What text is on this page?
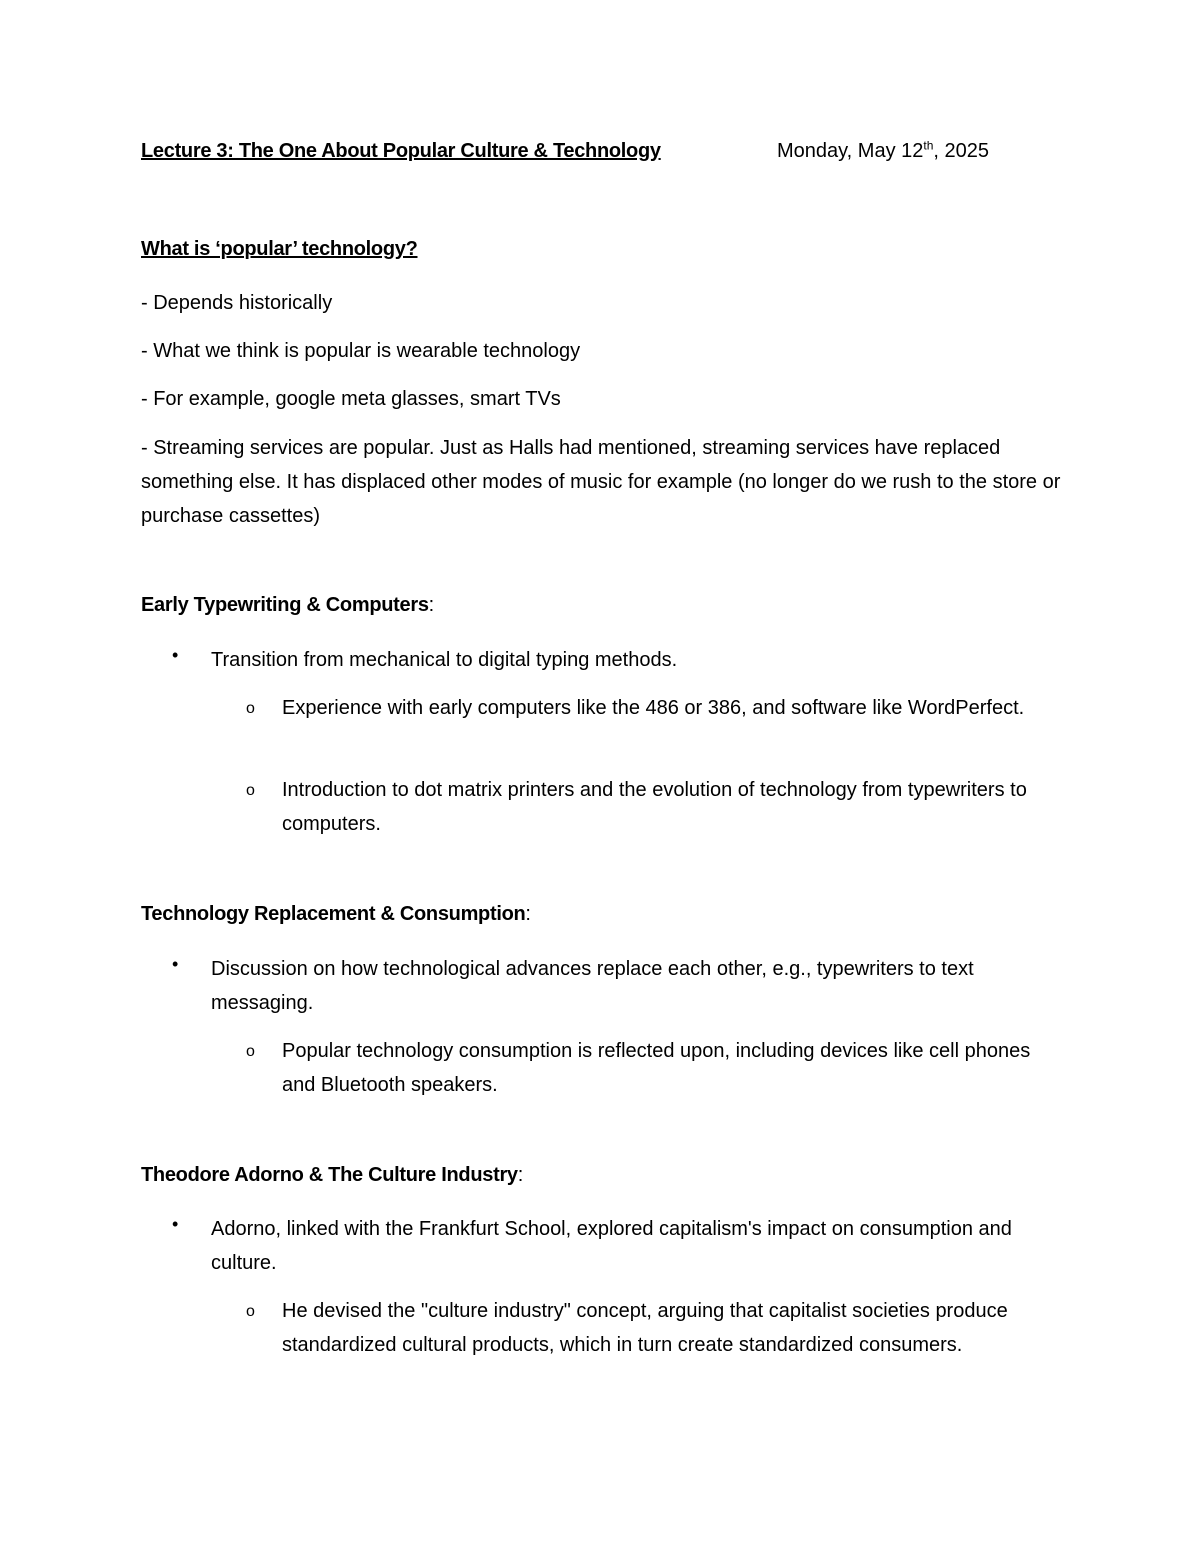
Lecture 3: The One About Popular Culture & Technology	Monday, May 12th, 2025
What is ‘popular’ technology?
- Depends historically
- What we think is popular is wearable technology
- For example, google meta glasses, smart TVs
- Streaming services are popular. Just as Halls had mentioned, streaming services have replaced something else. It has displaced other modes of music for example (no longer do we rush to the store or purchase cassettes)
Early Typewriting & Computers:
• Transition from mechanical to digital typing methods.
o Experience with early computers like the 486 or 386, and software like WordPerfect.
o Introduction to dot matrix printers and the evolution of technology from typewriters to computers.
Technology Replacement & Consumption:
• Discussion on how technological advances replace each other, e.g., typewriters to text messaging.
o Popular technology consumption is reflected upon, including devices like cell phones and Bluetooth speakers.
Theodore Adorno & The Culture Industry:
• Adorno, linked with the Frankfurt School, explored capitalism's impact on consumption and culture.
o He devised the "culture industry" concept, arguing that capitalist societies produce standardized cultural products, which in turn create standardized consumers.
